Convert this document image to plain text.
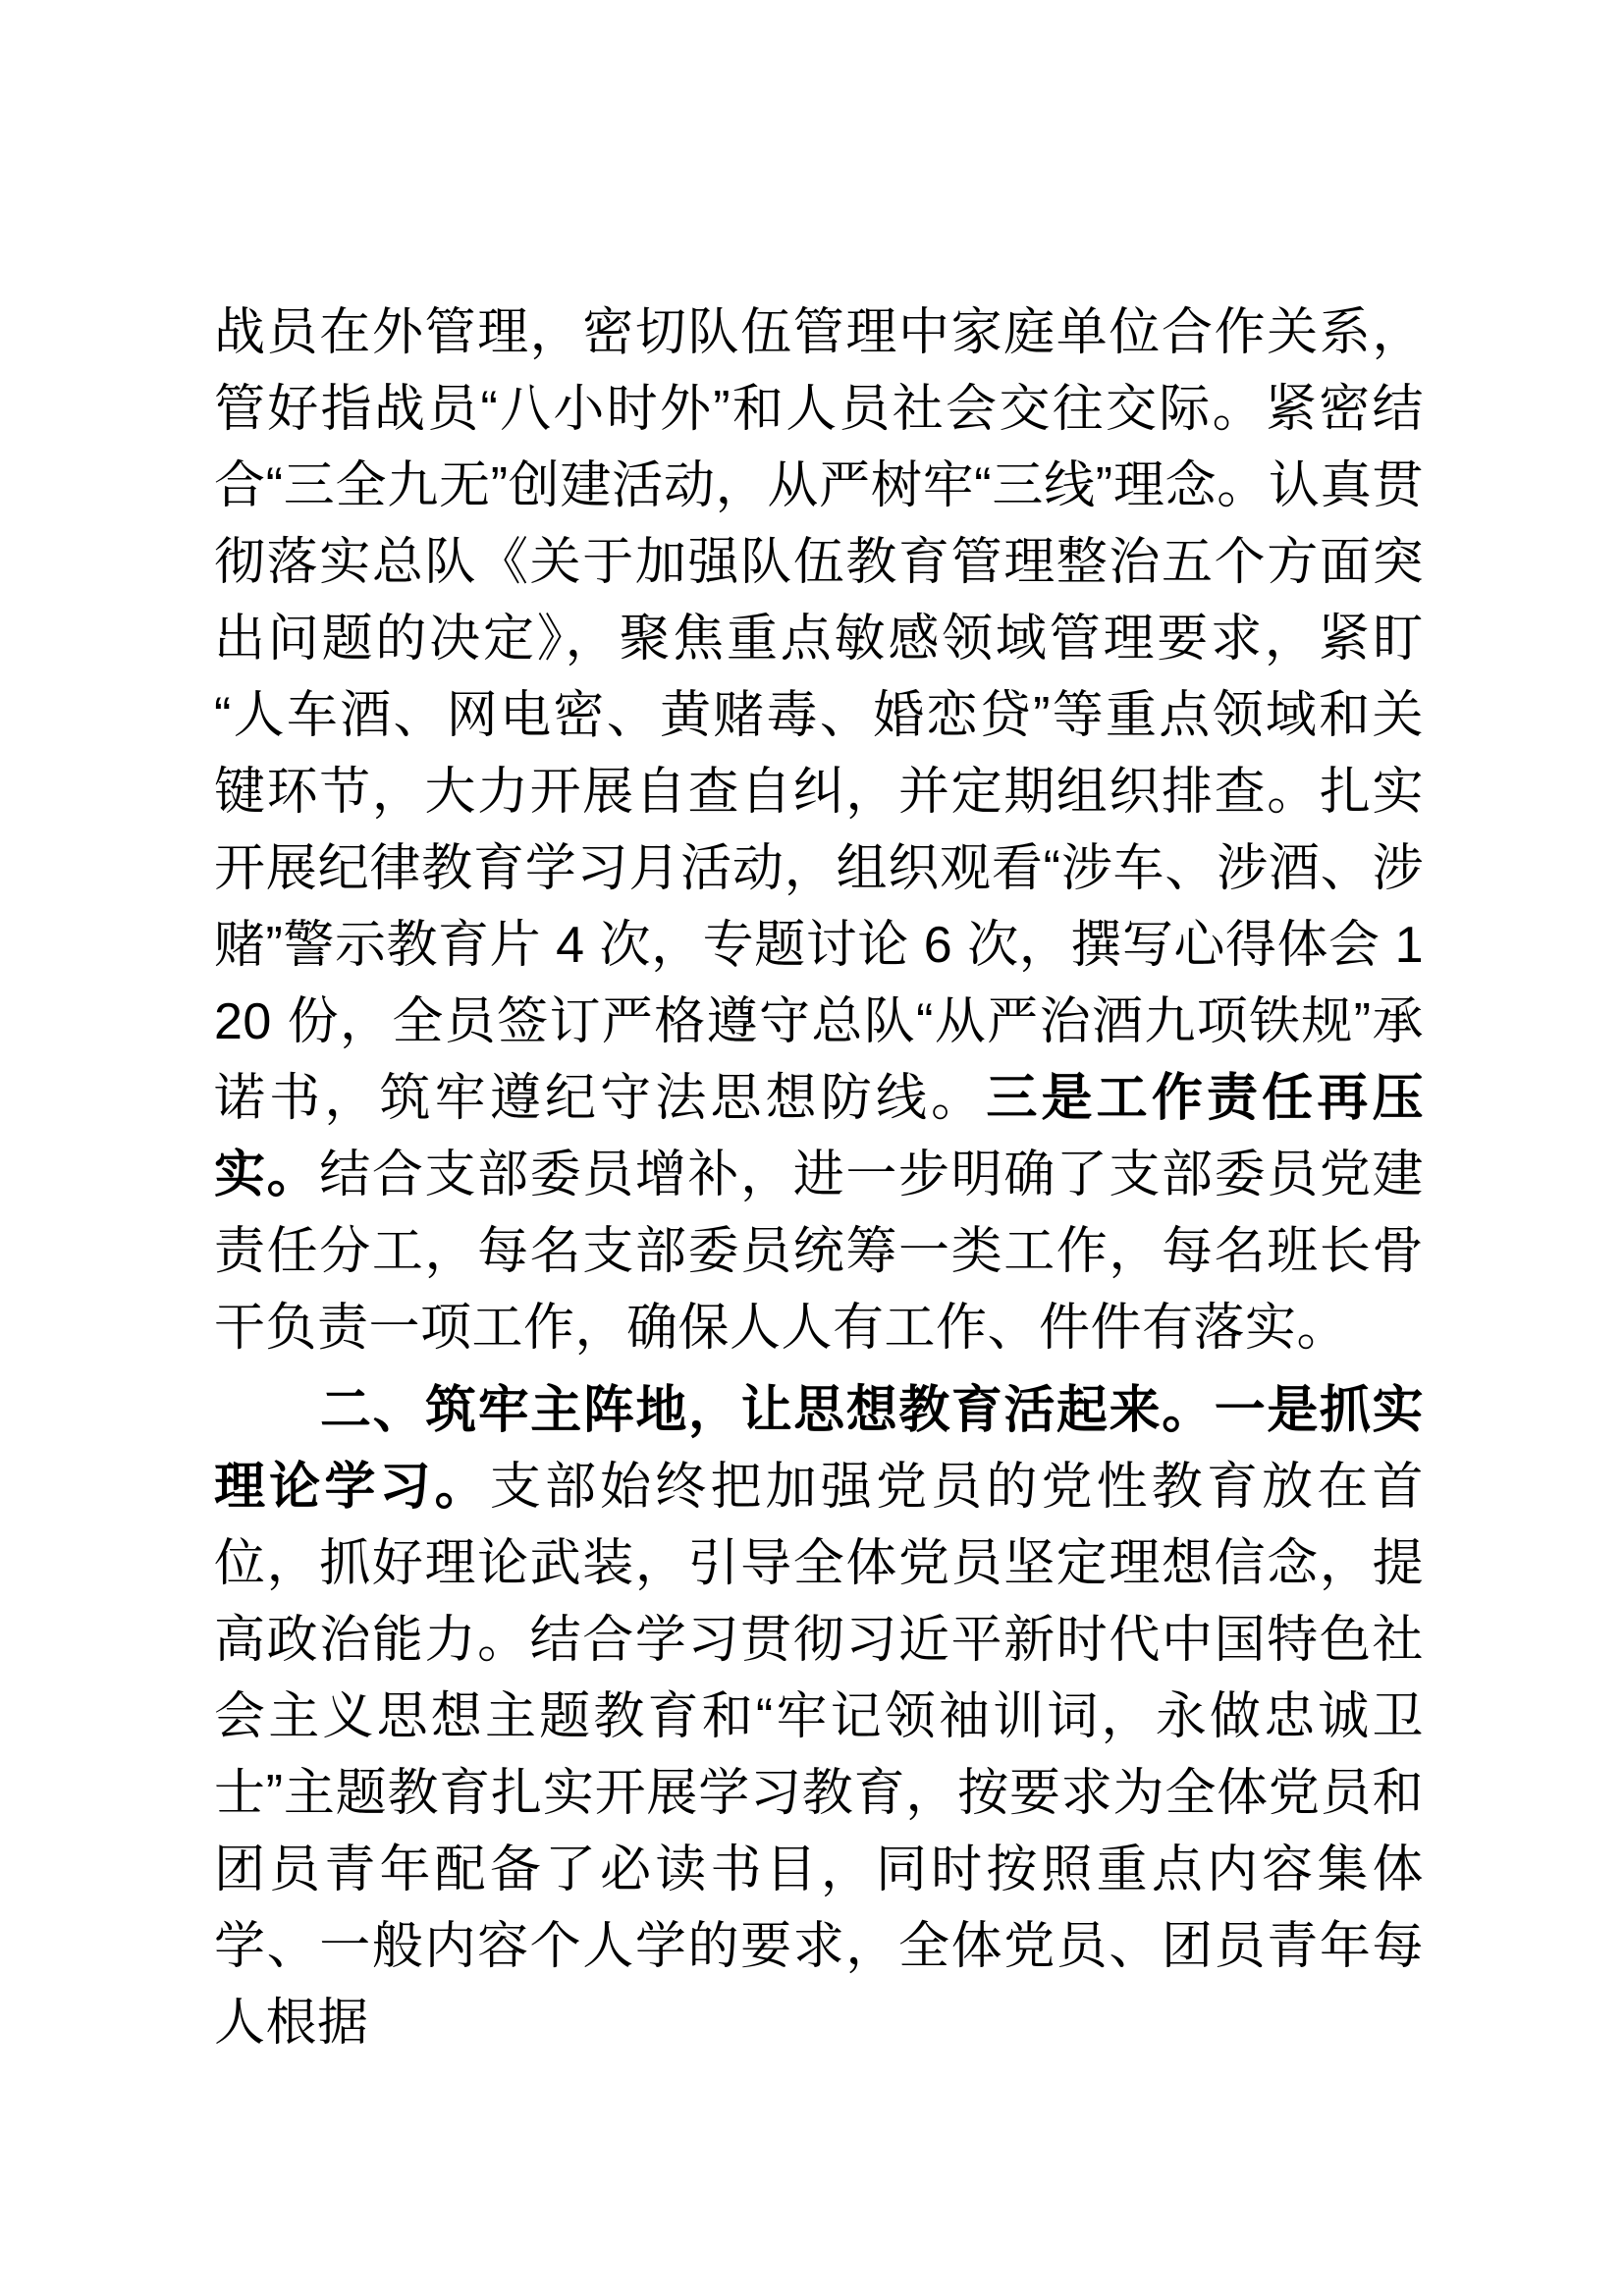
战员在外管理，密切队伍管理中家庭单位合作关系，管好指战员“八小时外”和人员社会交往交际。紧密结合“三全九无”创建活动，从严树牢“三线”理念。认真贯彻落实总队《关于加强队伍教育管理整治五个方面突出问题的决定》，聚焦重点敏感领域管理要求，紧盯“人车酒、网电密、黄赌毒、婚恋贷”等重点领域和关键环节，大力开展自查自纠，并定期组织排查。扎实开展纪律教育学习月活动，组织观看“涉车、涉酒、涉赌”警示教育片 4 次，专题讨论 6 次，撰写心得体会 120 份，全员签订严格遵守总队“从严治酒九项铁规”承诺书，筑牢遵纪守法思想防线。三是工作责任再压实。结合支部委员增补，进一步明确了支部委员党建责任分工，每名支部委员统筹一类工作，每名班长骨干负责一项工作，确保人人有工作、件件有落实。

二、筑牢主阵地，让思想教育活起来。一是抓实理论学习。支部始终把加强党员的党性教育放在首位，抓好理论武装，引导全体党员坚定理想信念，提高政治能力。结合学习贯彻习近平新时代中国特色社会主义思想主题教育和“牢记领袖训词，永做忠诚卫士”主题教育扎实开展学习教育，按要求为全体党员和团员青年配备了必读书目，同时按照重点内容集体学、一般内容个人学的要求，全体党员、团员青年每人根据
